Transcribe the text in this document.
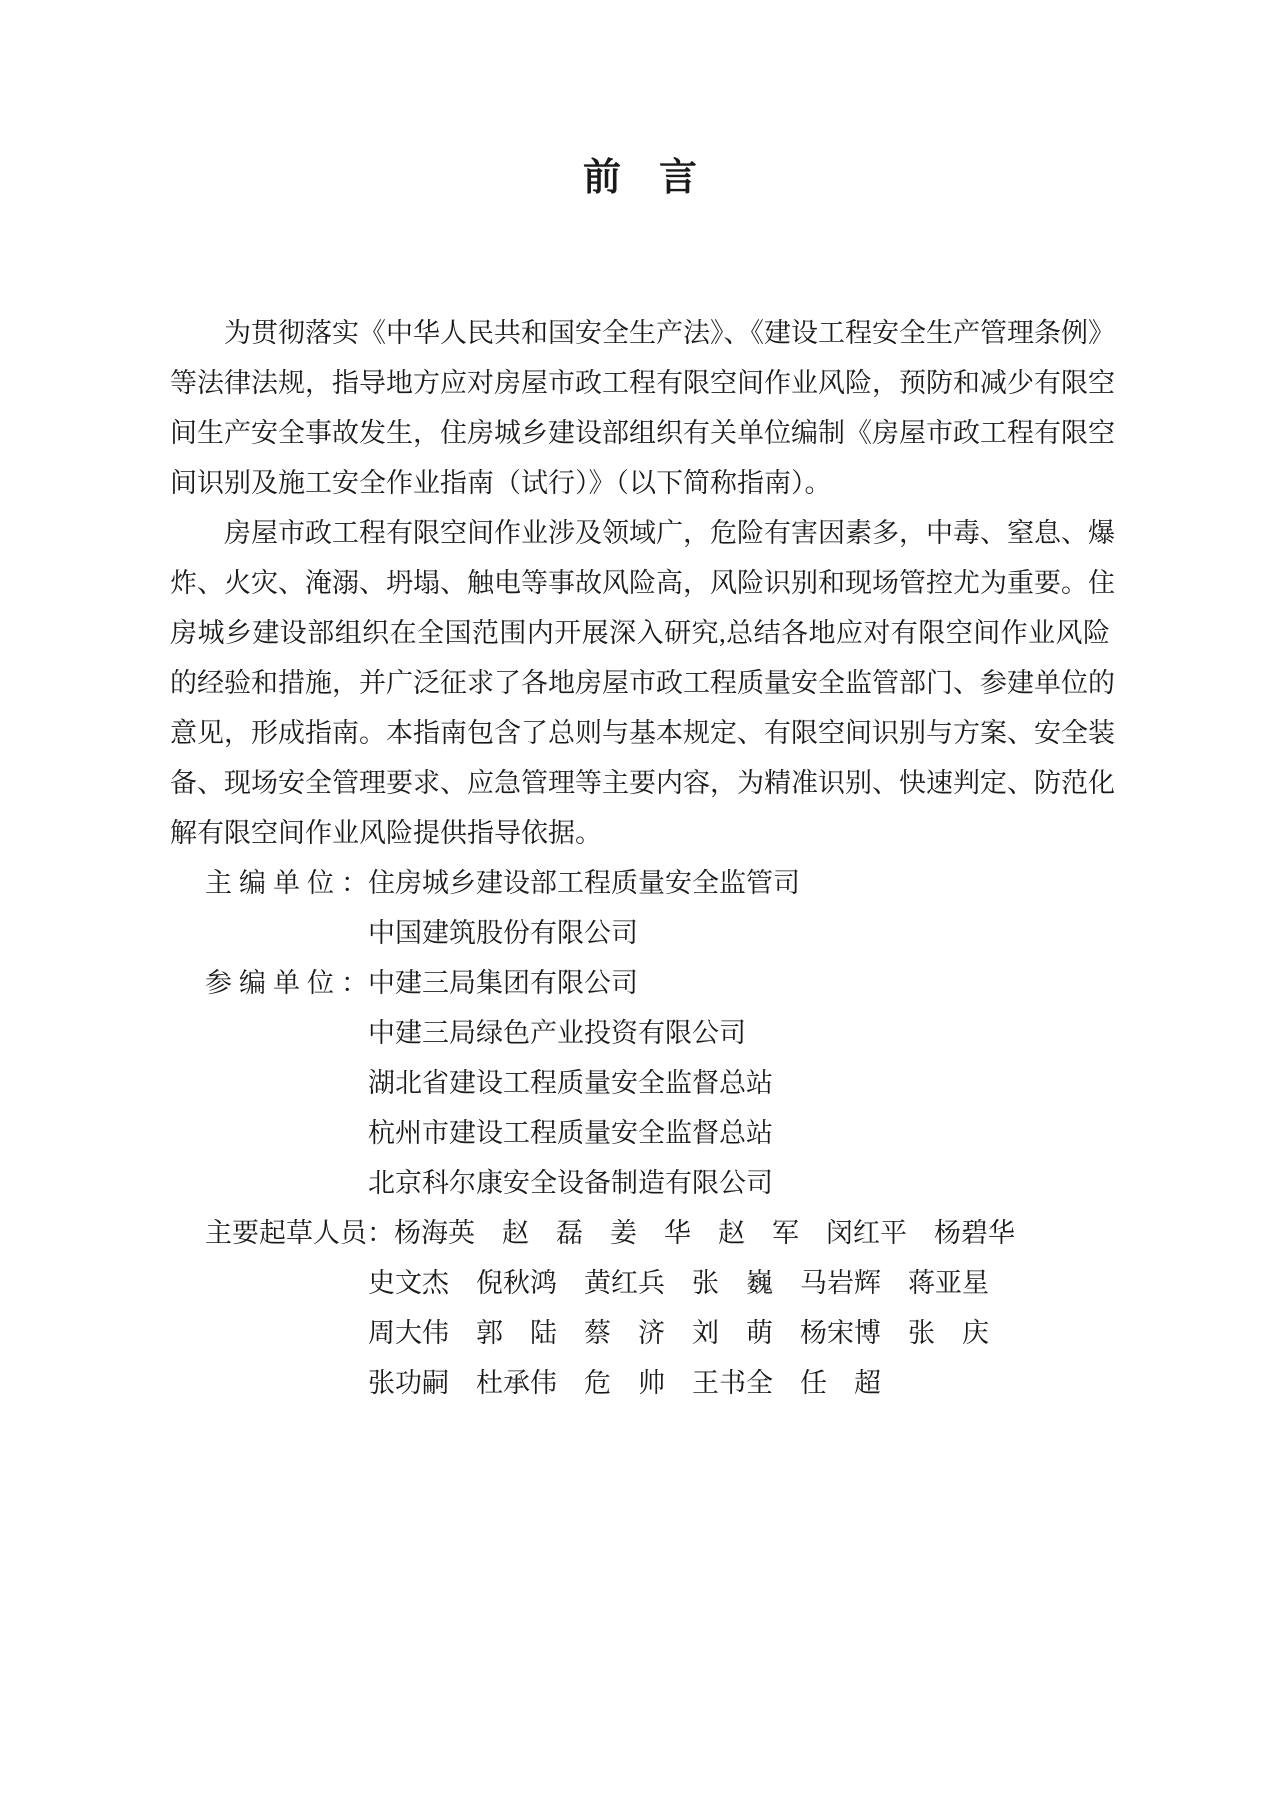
前　言
为贯彻落实《中华人民共和国安全生产法》、《建设工程安全生产管理条例》
等法律法规，指导地方应对房屋市政工程有限空间作业风险，预防和减少有限空
间生产安全事故发生，住房城乡建设部组织有关单位编制《房屋市政工程有限空
间识别及施工安全作业指南（试行）》（以下简称指南）。
房屋市政工程有限空间作业涉及领域广，危险有害因素多，中毒、窒息、爆
炸、火灾、淹溺、坍塌、触电等事故风险高，风险识别和现场管控尤为重要。住
房城乡建设部组织在全国范围内开展深入研究,总结各地应对有限空间作业风险
的经验和措施，并广泛征求了各地房屋市政工程质量安全监管部门、参建单位的
意见，形成指南。本指南包含了总则与基本规定、有限空间识别与方案、安全装
备、现场安全管理要求、应急管理等主要内容，为精准识别、快速判定、防范化
解有限空间作业风险提供指导依据。
主编单位： 住房城乡建设部工程质量安全监管司
中国建筑股份有限公司
参编单位： 中建三局集团有限公司
中建三局绿色产业投资有限公司
湖北省建设工程质量安全监督总站
杭州市建设工程质量安全监督总站
北京科尔康安全设备制造有限公司
主要起草人员： 杨海英　赵　磊　姜　华　赵　军　闵红平　杨碧华
史文杰　倪秋鸿　黄红兵　张　巍　马岩辉　蒋亚星
周大伟　郭　陆　蔡　济　刘　萌　杨宋博　张　庆
张功嗣　杜承伟　危　帅　王书全　任　超
